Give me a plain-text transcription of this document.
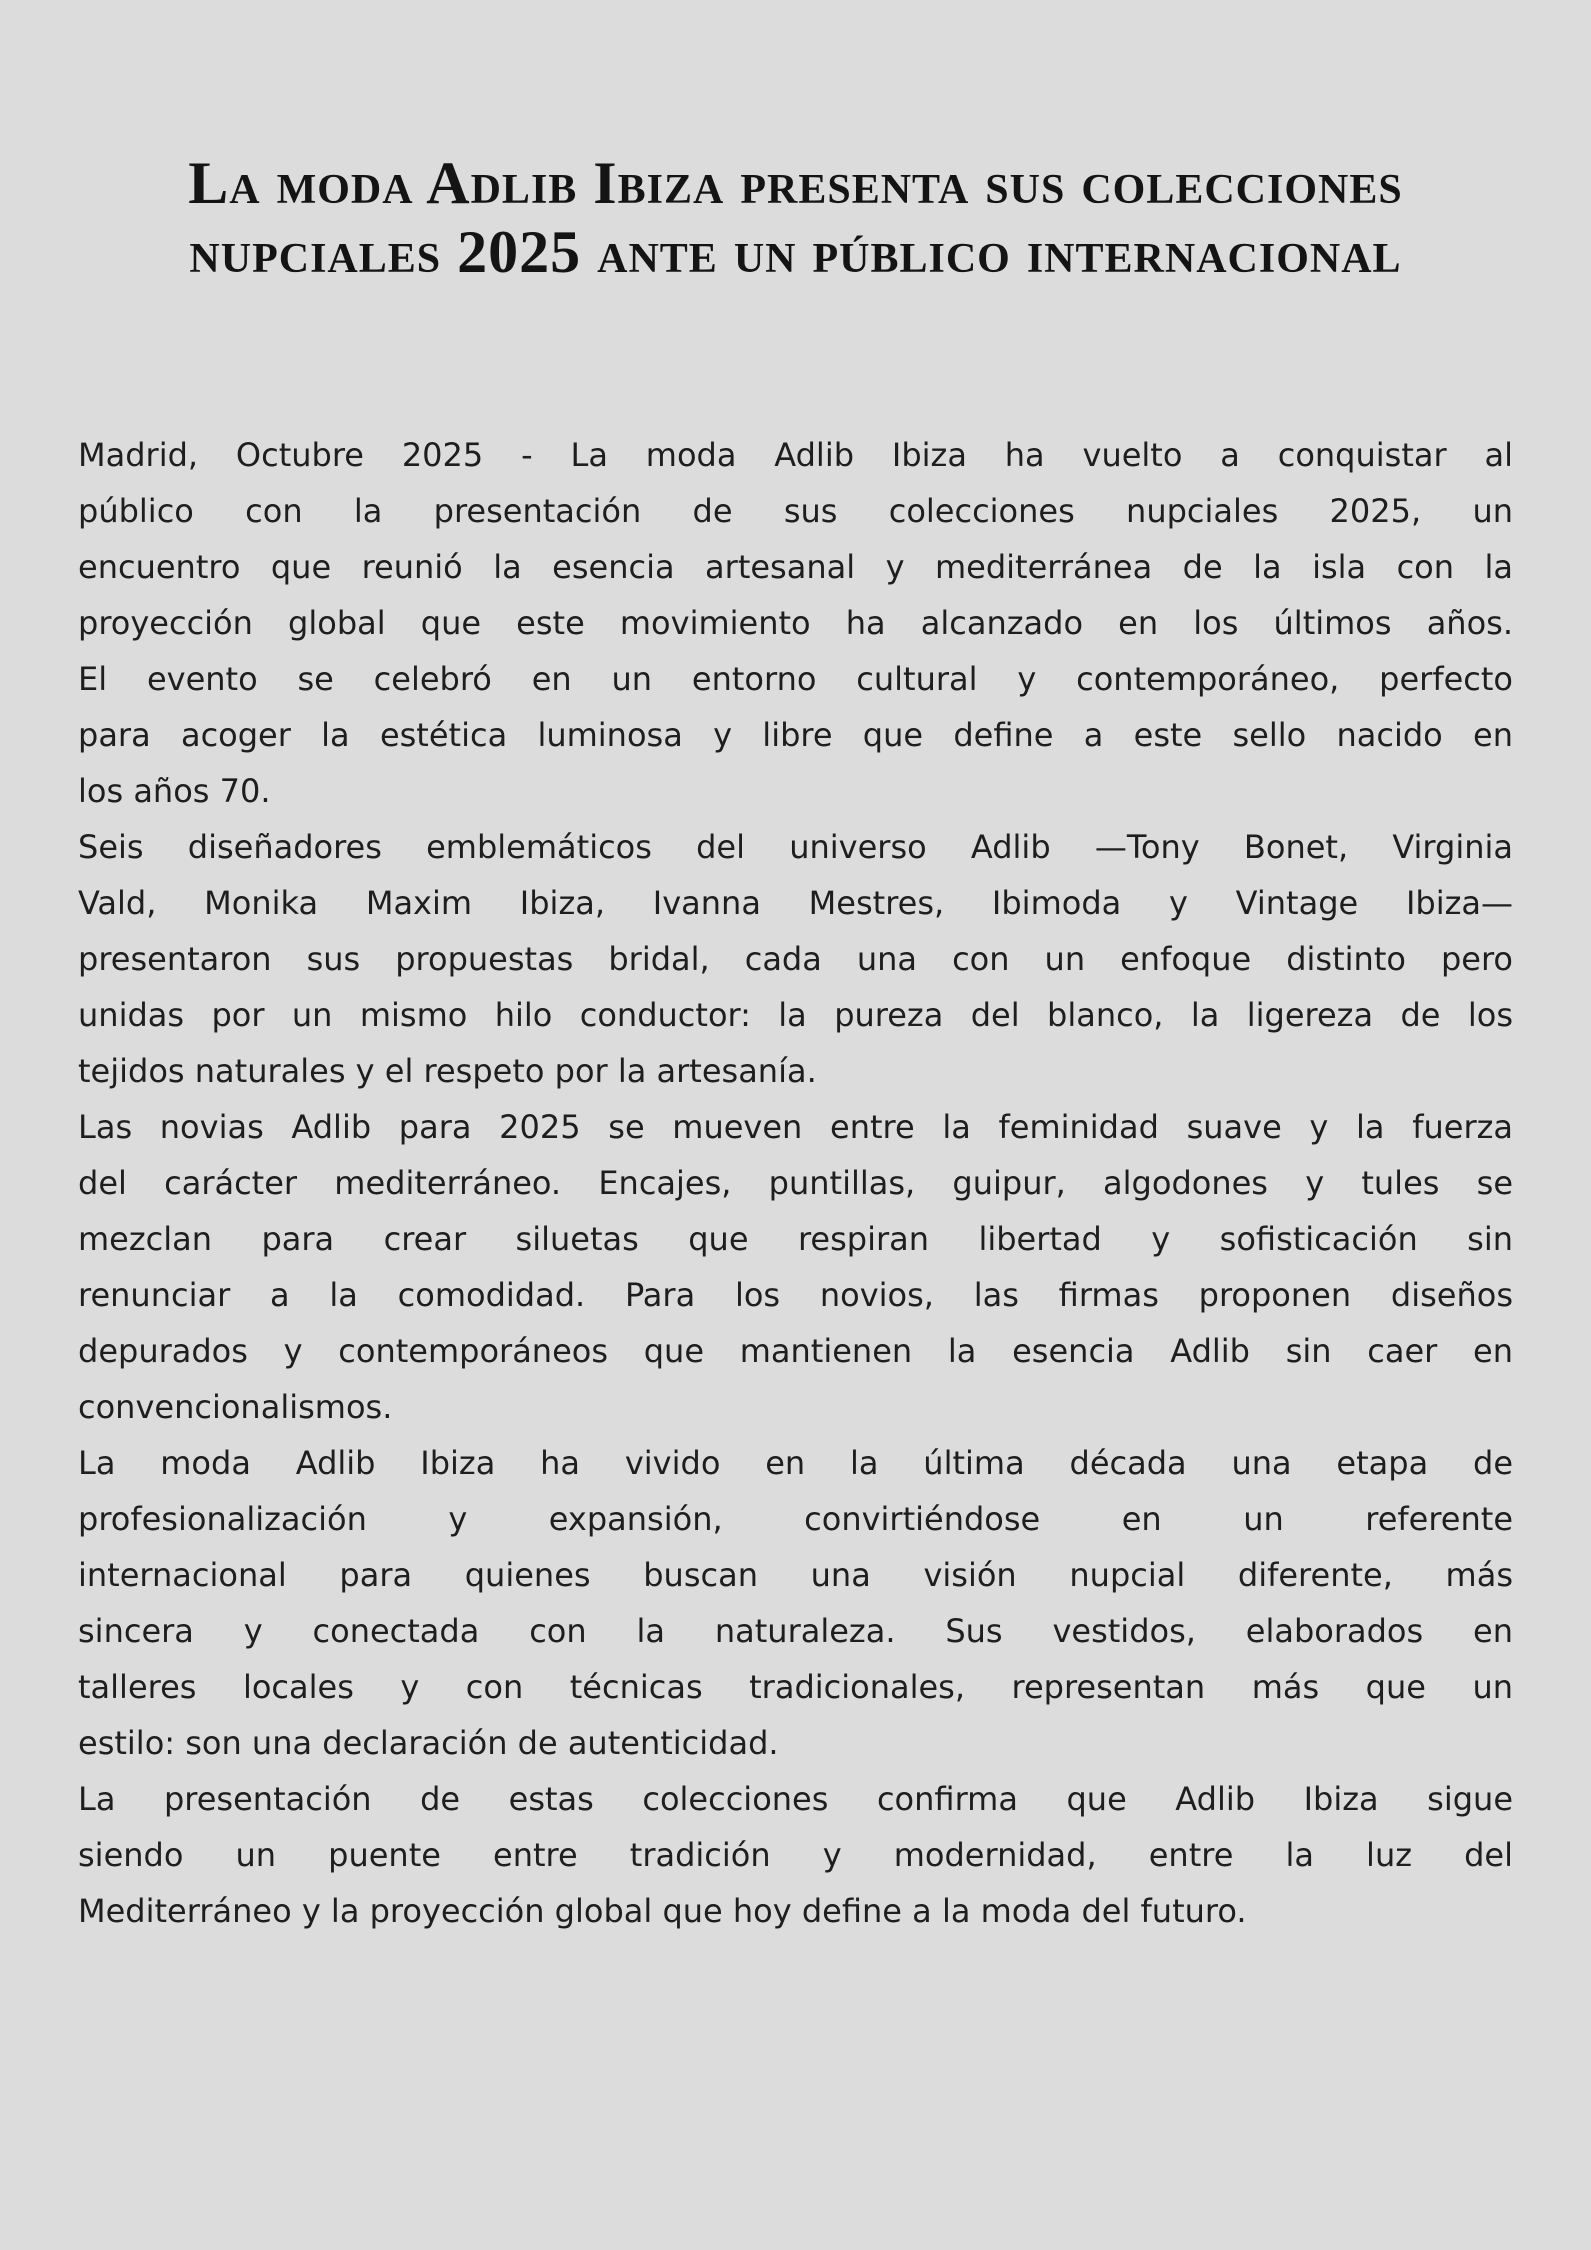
La moda Adlib Ibiza presenta sus colecciones
nupciales 2025 ante un público internacional

Madrid, Octubre 2025 - La moda Adlib Ibiza ha vuelto a conquistar al
público con la presentación de sus colecciones nupciales 2025, un
encuentro que reunió la esencia artesanal y mediterránea de la isla con la
proyección global que este movimiento ha alcanzado en los últimos años.
El evento se celebró en un entorno cultural y contemporáneo, perfecto
para acoger la estética luminosa y libre que define a este sello nacido en
los años 70.

Seis diseñadores emblemáticos del universo Adlib —Tony Bonet, Virginia
Vald, Monika Maxim Ibiza, Ivanna Mestres, Ibimoda y Vintage Ibiza—
presentaron sus propuestas bridal, cada una con un enfoque distinto pero
unidas por un mismo hilo conductor: la pureza del blanco, la ligereza de los
tejidos naturales y el respeto por la artesanía.

Las novias Adlib para 2025 se mueven entre la feminidad suave y la fuerza
del carácter mediterráneo. Encajes, puntillas, guipur, algodones y tules se
mezclan para crear siluetas que respiran libertad y sofisticación sin
renunciar a la comodidad. Para los novios, las firmas proponen diseños
depurados y contemporáneos que mantienen la esencia Adlib sin caer en
convencionalismos.

La moda Adlib Ibiza ha vivido en la última década una etapa de
profesionalización y expansión, convirtiéndose en un referente
internacional para quienes buscan una visión nupcial diferente, más
sincera y conectada con la naturaleza. Sus vestidos, elaborados en
talleres locales y con técnicas tradicionales, representan más que un
estilo: son una declaración de autenticidad.

La presentación de estas colecciones confirma que Adlib Ibiza sigue
siendo un puente entre tradición y modernidad, entre la luz del
Mediterráneo y la proyección global que hoy define a la moda del futuro.
